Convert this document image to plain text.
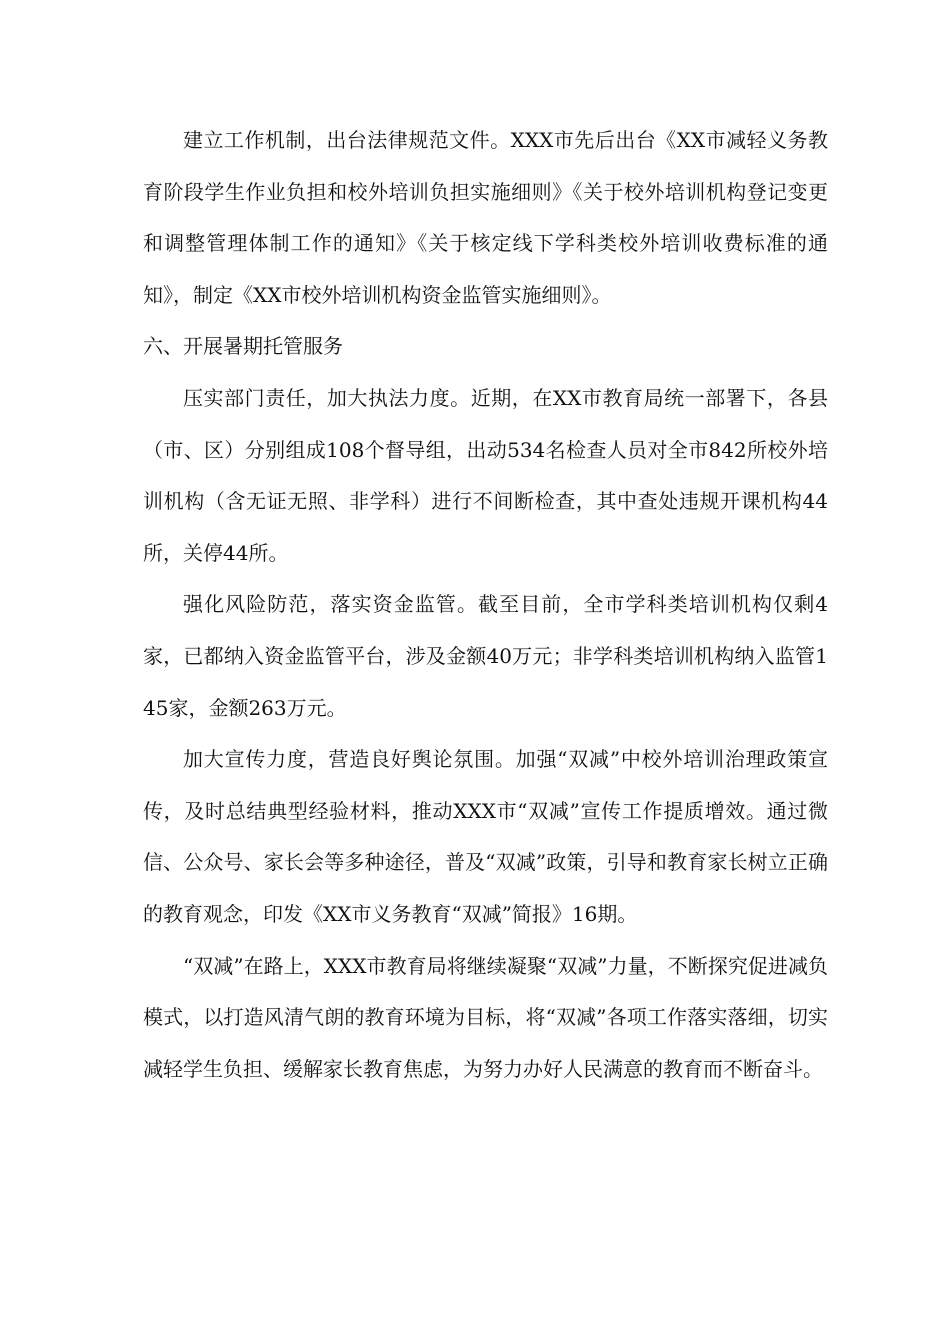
建立工作机制，出台法律规范文件。XXX市先后出台《XX市减轻义务教育阶段学生作业负担和校外培训负担实施细则》《关于校外培训机构登记变更和调整管理体制工作的通知》《关于核定线下学科类校外培训收费标准的通知》，制定《XX市校外培训机构资金监管实施细则》。

六、开展暑期托管服务

压实部门责任，加大执法力度。近期，在XX市教育局统一部署下，各县（市、区）分别组成108个督导组，出动534名检查人员对全市842所校外培训机构（含无证无照、非学科）进行不间断检查，其中查处违规开课机构44所，关停44所。

强化风险防范，落实资金监管。截至目前，全市学科类培训机构仅剩4家，已都纳入资金监管平台，涉及金额40万元；非学科类培训机构纳入监管145家，金额263万元。

加大宣传力度，营造良好舆论氛围。加强“双减”中校外培训治理政策宣传，及时总结典型经验材料，推动XXX市“双减”宣传工作提质增效。通过微信、公众号、家长会等多种途径，普及“双减”政策，引导和教育家长树立正确的教育观念，印发《XX市义务教育“双减”简报》16期。

“双减”在路上，XXX市教育局将继续凝聚“双减”力量，不断探究促进减负模式，以打造风清气朗的教育环境为目标，将“双减”各项工作落实落细，切实减轻学生负担、缓解家长教育焦虑，为努力办好人民满意的教育而不断奋斗。
